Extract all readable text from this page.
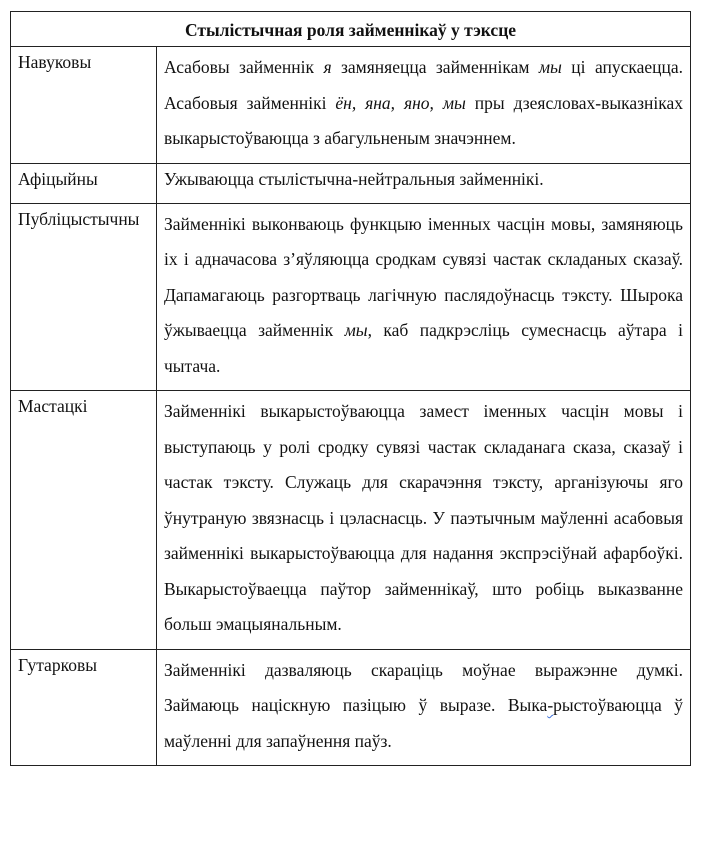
Стылістычная роля займеннікаў у тэксце	
Навуковы	Асабовы займеннік я замяняецца займеннікам мы ці апускаецца. Асабовыя займеннікі ён, яна, яно, мы пры дзеясловах-выказніках выкарыстоўваюцца з абагульненым значэннем.

Афіцыйны	Ужываюцца стылістычна-нейтральныя займеннікі.
Публіцыстычны	Займеннікі выконваюць функцыю іменных часцін мовы, замяняюць іх і адначасова з’яўляюцца сродкам сувязі частак складаных сказаў. Дапамагаюць разгортваць лагічную паслядоўнасць тэксту. Шырока ўжываецца займеннік мы, каб падкрэсліць сумеснасць аўтара і чытача.

Мастацкі	Займеннікі выкарыстоўваюцца замест іменных часцін мовы і выступаюць у ролі сродку сувязі частак складанага сказа, сказаў і частак тэксту. Служаць для скарачэння тэксту, арганізуючы яго ўнутраную звязнасць і цэласнасць. У паэтычным маўленні асабовыя займеннікі выкарыстоўваюцца для надання экспрэсіўнай афарбоўкі. Выкарыстоўваецца паўтор займеннікаў, што робіць выказванне больш эмацыянальным.
Гутарковы	Займеннікі дазваляюць скараціць моўнае выражэнне думкі. Займаюць націскную пазіцыю ў выразе. Выка-рыстоўваюцца ў маўленні для запаўнення паўз.
